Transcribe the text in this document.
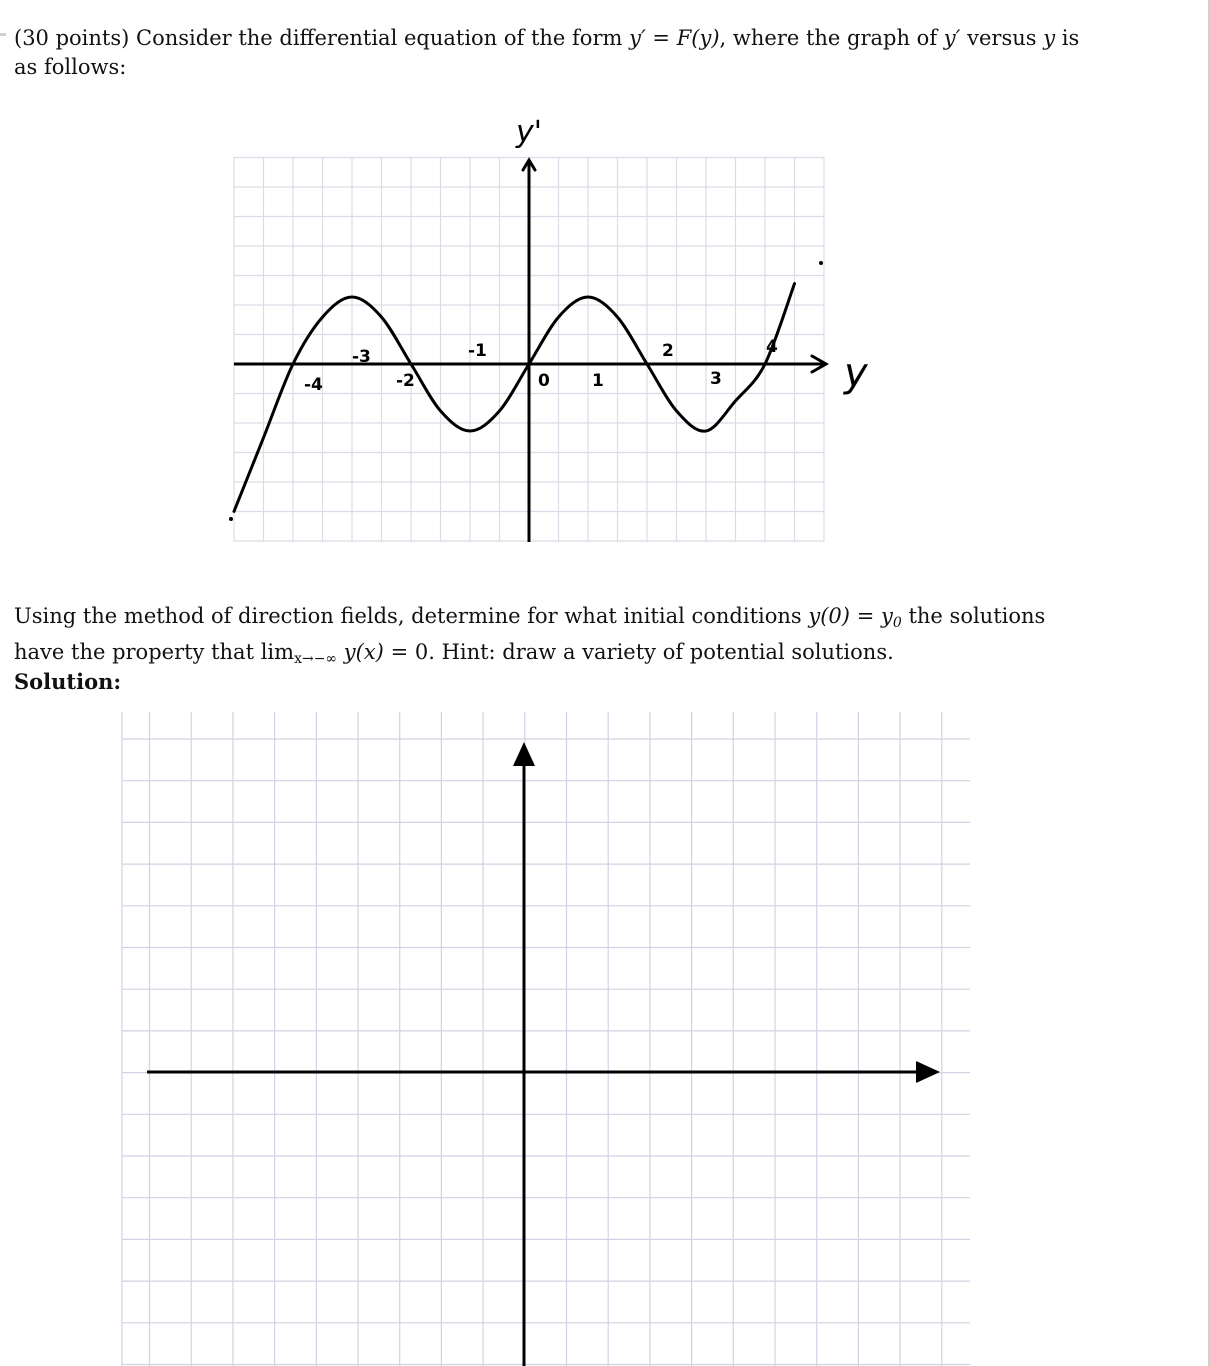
(30 points) Consider the differential equation of the form y′ = F(y), where the graph of y′ versus y is as follows:

-4
-3
-2
-1
0 1
2
3
4
y
y'

Using the method of direction fields, determine for what initial conditions $y(0) = y_0$ the solutions have the property that $\lim_{x\to-\infty} y(x) = 0$. Hint: draw a variety of potential solutions.

Solution:
